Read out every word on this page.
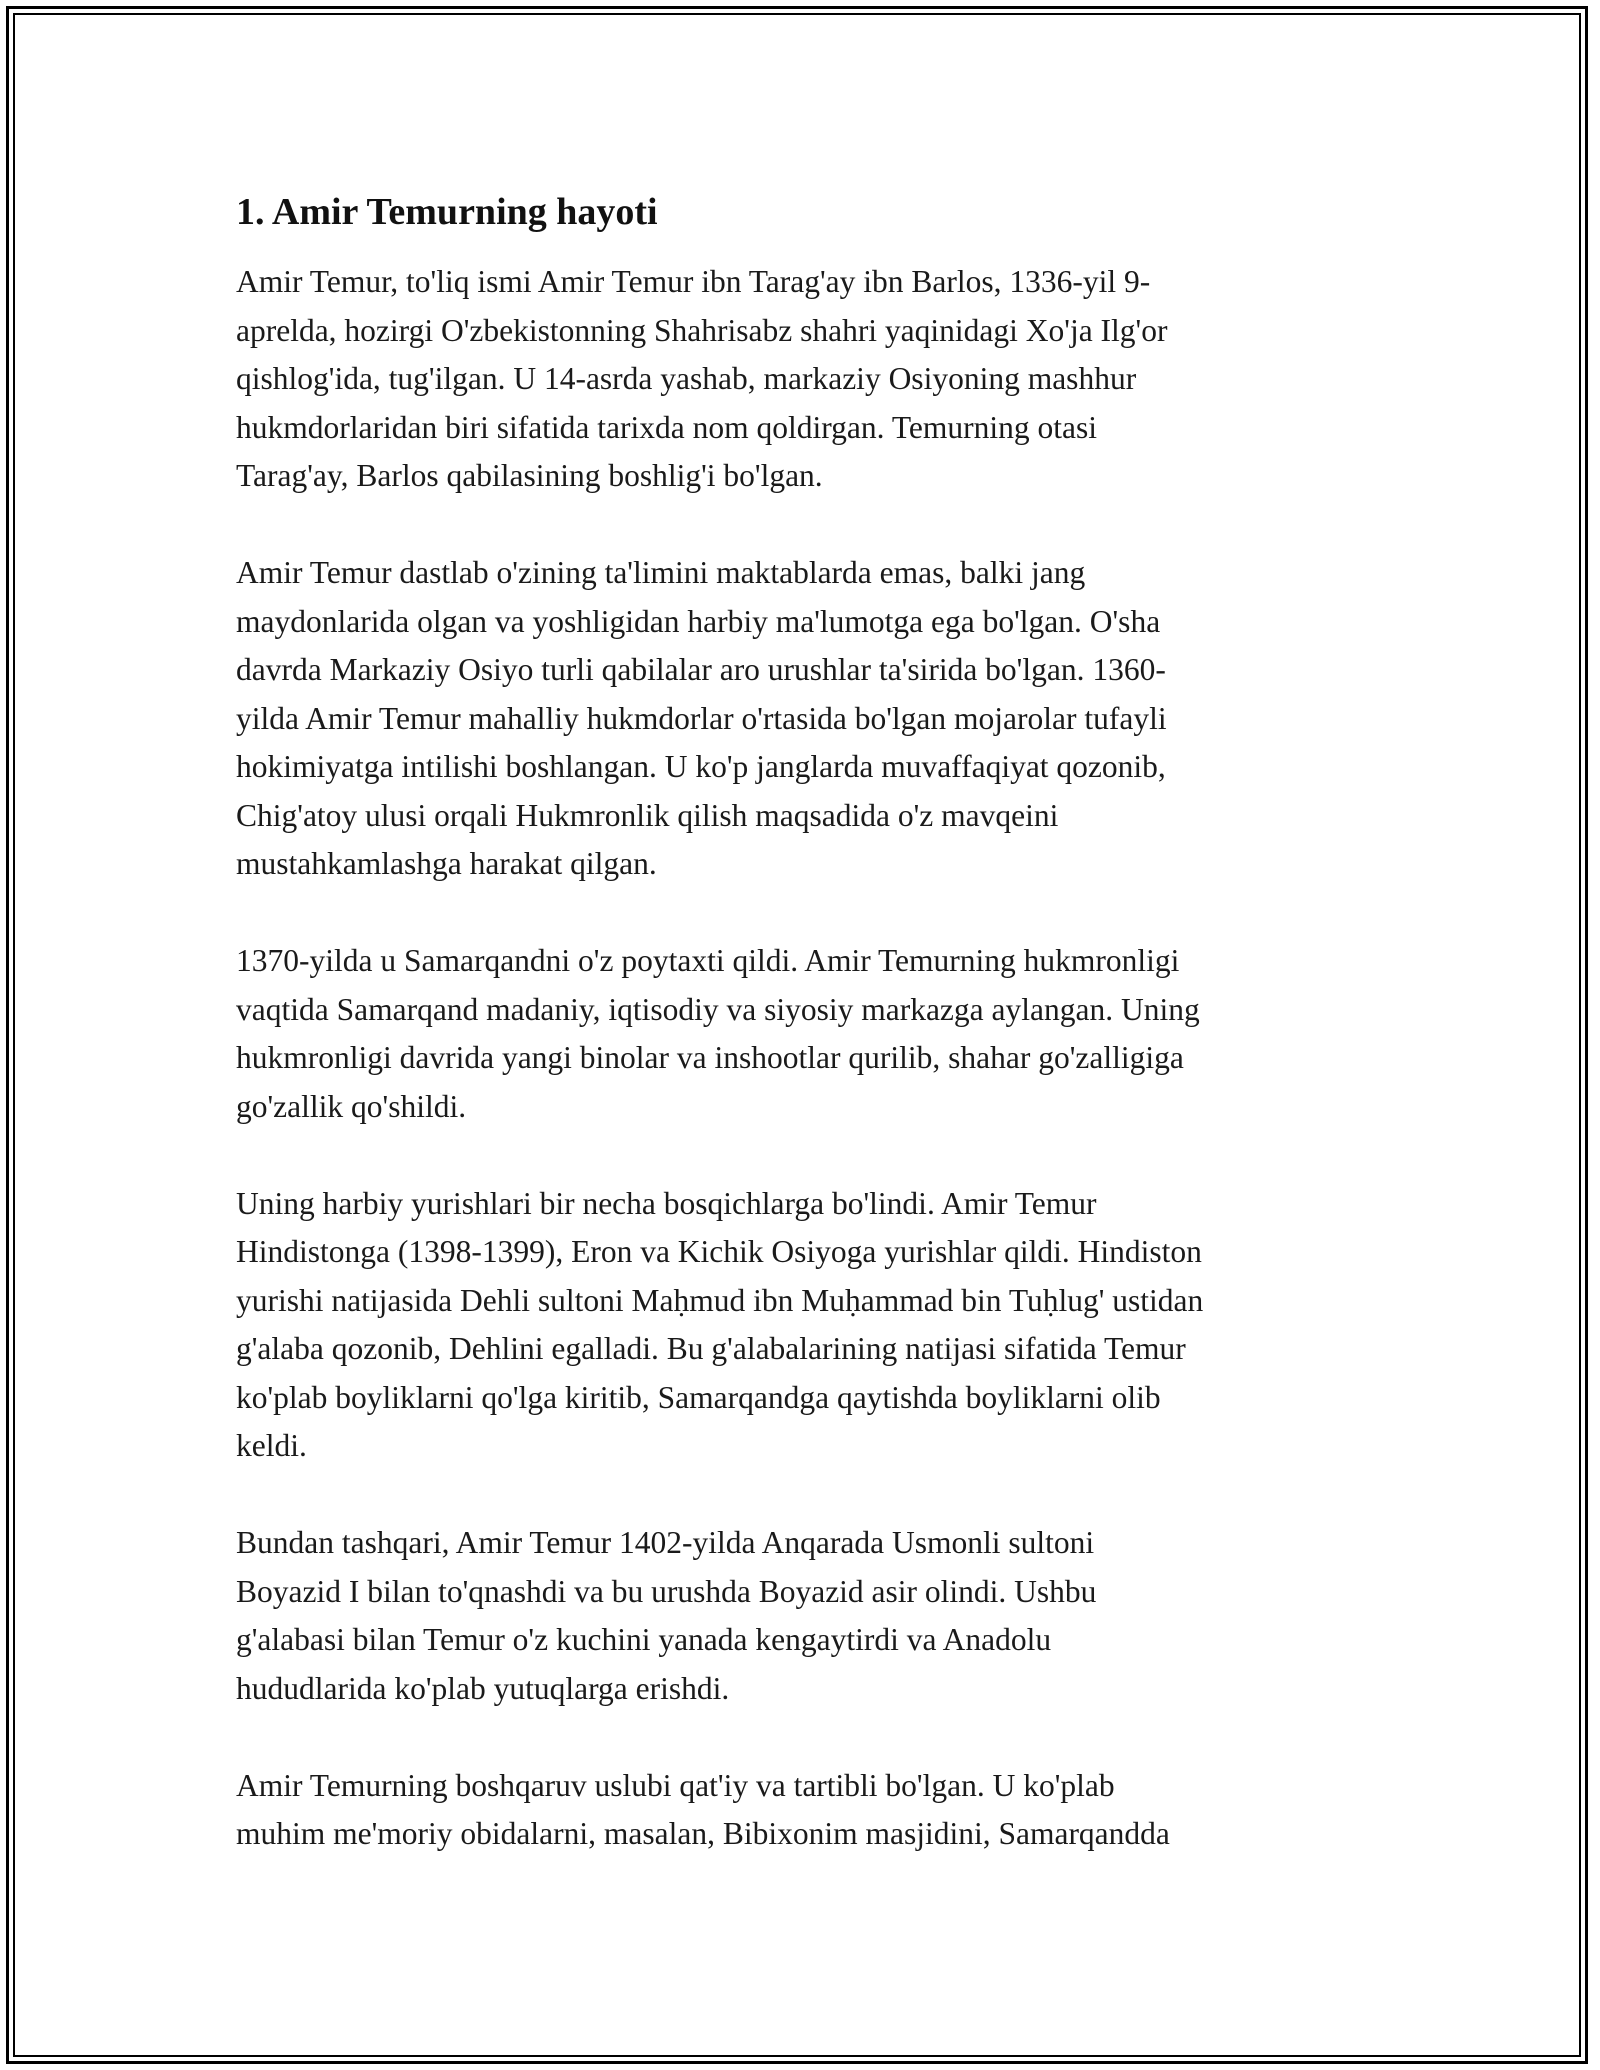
1. Amir Temurning hayoti

Amir Temur, to'liq ismi Amir Temur ibn Tarag'ay ibn Barlos, 1336-yil 9-
aprelda, hozirgi O'zbekistonning Shahrisabz shahri yaqinidagi Xo'ja Ilg'or
qishlog'ida, tug'ilgan. U 14-asrda yashab, markaziy Osiyoning mashhur
hukmdorlaridan biri sifatida tarixda nom qoldirgan. Temurning otasi
Tarag'ay, Barlos qabilasining boshlig'i bo'lgan.

Amir Temur dastlab o'zining ta'limini maktablarda emas, balki jang
maydonlarida olgan va yoshligidan harbiy ma'lumotga ega bo'lgan. O'sha
davrda Markaziy Osiyo turli qabilalar aro urushlar ta'sirida bo'lgan. 1360-
yilda Amir Temur mahalliy hukmdorlar o'rtasida bo'lgan mojarolar tufayli
hokimiyatga intilishi boshlangan. U ko'p janglarda muvaffaqiyat qozonib,
Chig'atoy ulusi orqali Hukmronlik qilish maqsadida o'z mavqeini
mustahkamlashga harakat qilgan.

1370-yilda u Samarqandni o'z poytaxti qildi. Amir Temurning hukmronligi
vaqtida Samarqand madaniy, iqtisodiy va siyosiy markazga aylangan. Uning
hukmronligi davrida yangi binolar va inshootlar qurilib, shahar go'zalligiga
go'zallik qo'shildi.

Uning harbiy yurishlari bir necha bosqichlarga bo'lindi. Amir Temur
Hindistonga (1398-1399), Eron va Kichik Osiyoga yurishlar qildi. Hindiston
yurishi natijasida Dehli sultoni Maḥmud ibn Muḥammad bin Tuḥlug' ustidan
g'alaba qozonib, Dehlini egalladi. Bu g'alabalarining natijasi sifatida Temur
ko'plab boyliklarni qo'lga kiritib, Samarqandga qaytishda boyliklarni olib
keldi.

Bundan tashqari, Amir Temur 1402-yilda Anqarada Usmonli sultoni
Boyazid I bilan to'qnashdi va bu urushda Boyazid asir olindi. Ushbu
g'alabasi bilan Temur o'z kuchini yanada kengaytirdi va Anadolu
hududlarida ko'plab yutuqlarga erishdi.

Amir Temurning boshqaruv uslubi qat'iy va tartibli bo'lgan. U ko'plab
muhim me'moriy obidalarni, masalan, Bibixonim masjidini, Samarqandda
